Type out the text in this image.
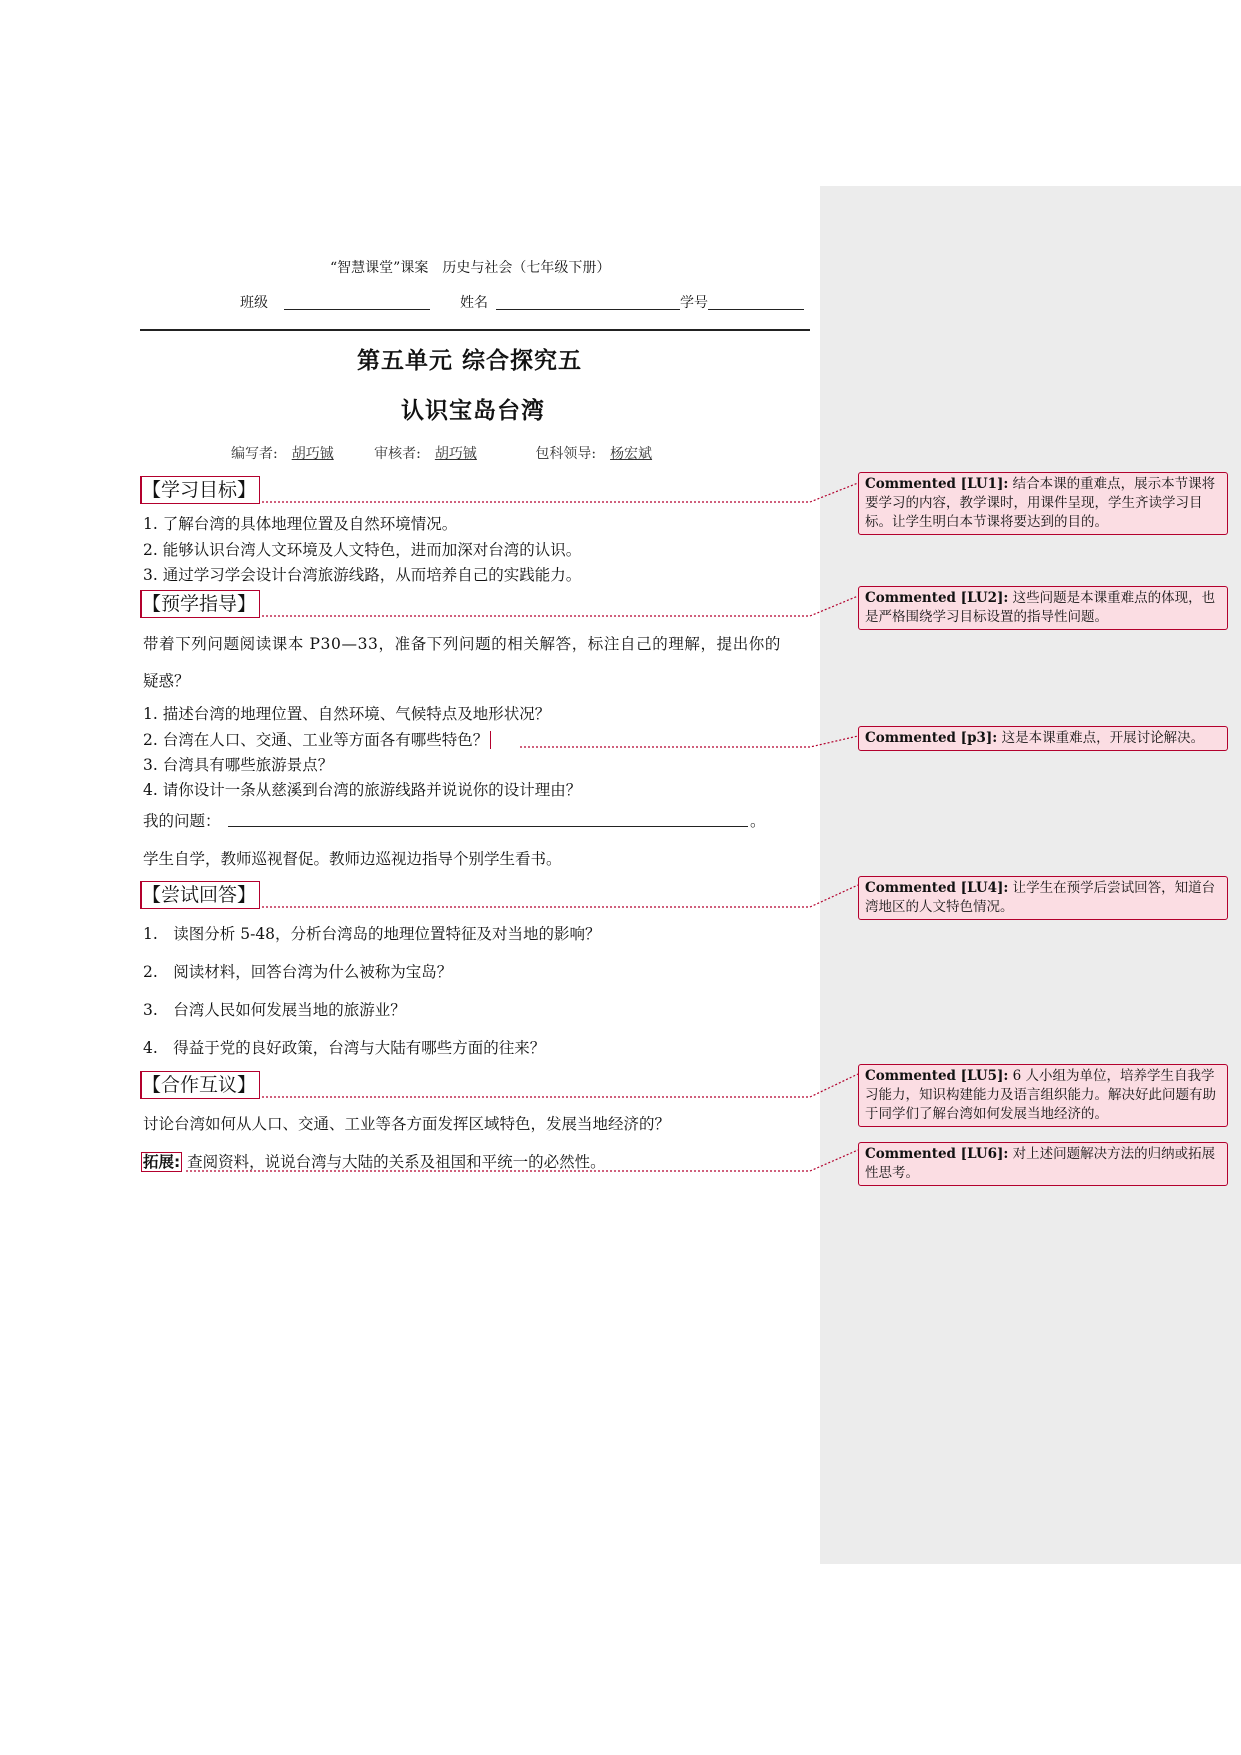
“智慧课堂”课案　历史与社会（七年级下册）
班级	姓名	学号
第五单元 综合探究五
认识宝岛台湾
编写者: 胡巧铖	审核者: 胡巧铖	包科领导: 杨宏斌
【学习目标】
1. 了解台湾的具体地理位置及自然环境情况。
2. 能够认识台湾人文环境及人文特色，进而加深对台湾的认识。
3. 通过学习学会设计台湾旅游线路，从而培养自己的实践能力。
【预学指导】
带着下列问题阅读课本 P30—33，准备下列问题的相关解答，标注自己的理解，提出你的
疑惑？
1. 描述台湾的地理位置、自然环境、气候特点及地形状况？
2. 台湾在人口、交通、工业等方面各有哪些特色？
3. 台湾具有哪些旅游景点？
4. 请你设计一条从慈溪到台湾的旅游线路并说说你的设计理由？
我的问题：	。
学生自学，教师巡视督促。教师边巡视边指导个别学生看书。
【尝试回答】
1.　读图分析 5-48，分析台湾岛的地理位置特征及对当地的影响？
2.　阅读材料，回答台湾为什么被称为宝岛？
3.　台湾人民如何发展当地的旅游业？
4.　得益于党的良好政策，台湾与大陆有哪些方面的往来？
【合作互议】
讨论台湾如何从人口、交通、工业等各方面发挥区域特色，发展当地经济的？
拓展: 查阅资料，说说台湾与大陆的关系及祖国和平统一的必然性。
Commented [LU1]: 结合本课的重难点，展示本节课将要学习的内容，教学课时，用课件呈现，学生齐读学习目标。让学生明白本节课将要达到的目的。
Commented [LU2]: 这些问题是本课重难点的体现，也是严格围绕学习目标设置的指导性问题。
Commented [p3]: 这是本课重难点，开展讨论解决。
Commented [LU4]: 让学生在预学后尝试回答，知道台湾地区的人文特色情况。
Commented [LU5]: 6 人小组为单位，培养学生自我学习能力，知识构建能力及语言组织能力。解决好此问题有助于同学们了解台湾如何发展当地经济的。
Commented [LU6]: 对上述问题解决方法的归纳或拓展性思考。
